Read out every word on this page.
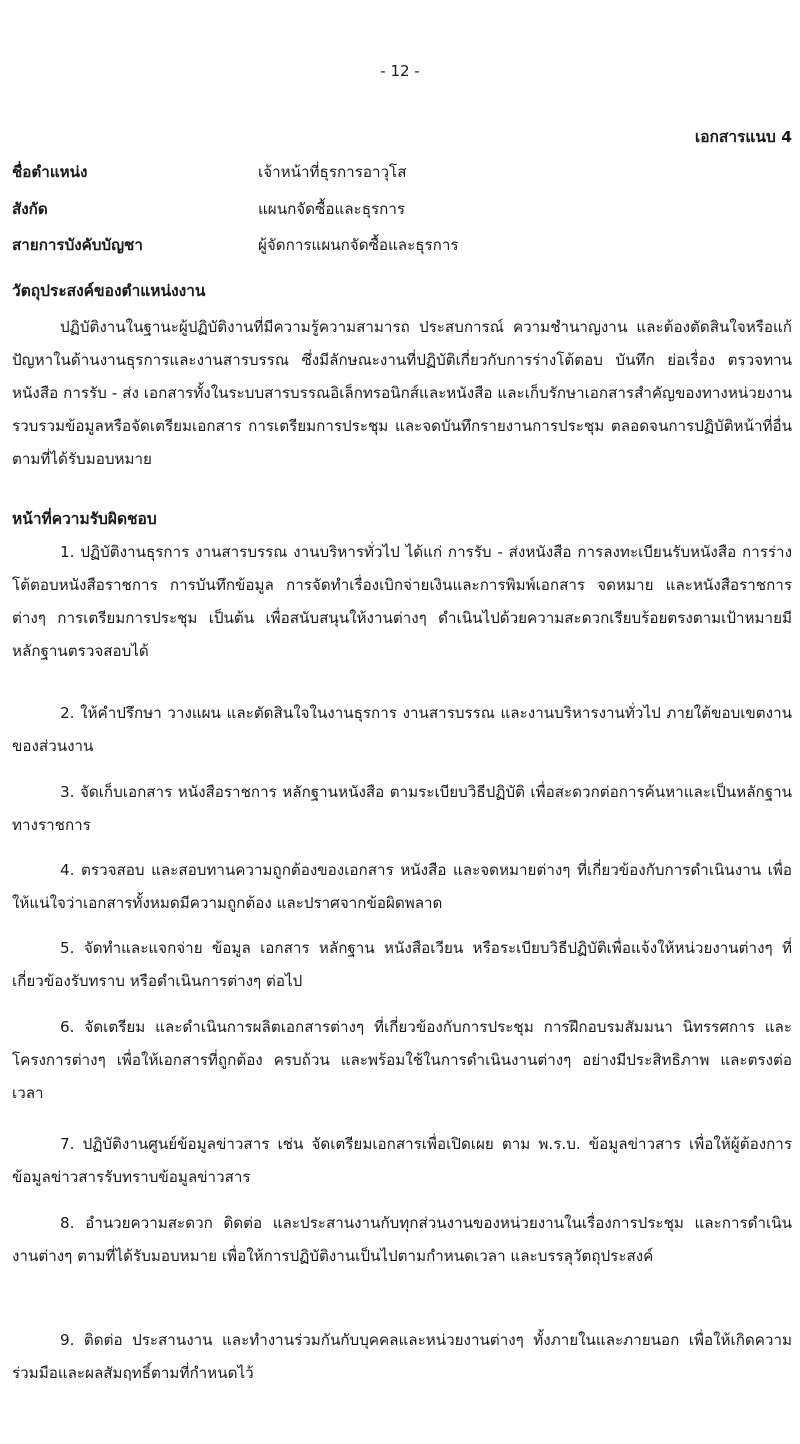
- 12 -
เอกสารแนบ 4
ชื่อตำแหน่ง	เจ้าหน้าที่ธุรการอาวุโส
สังกัด	แผนกจัดซื้อและธุรการ
สายการบังคับบัญชา	ผู้จัดการแผนกจัดซื้อและธุรการ
วัตถุประสงค์ของตำแหน่งงาน

ปฏิบัติงานในฐานะผู้ปฏิบัติงานที่มีความรู้ความสามารถ ประสบการณ์ ความชำนาญงาน และต้องตัดสินใจหรือแก้ปัญหาในด้านงานธุรการและงานสารบรรณ ซึ่งมีลักษณะงานที่ปฏิบัติเกี่ยวกับการร่างโต้ตอบ บันทึก ย่อเรื่อง ตรวจทานหนังสือ การรับ - ส่ง เอกสารทั้งในระบบสารบรรณอิเล็กทรอนิกส์และหนังสือ และเก็บรักษาเอกสารสำคัญของทางหน่วยงาน รวบรวมข้อมูลหรือจัดเตรียมเอกสาร การเตรียมการประชุม และจดบันทึกรายงานการประชุม ตลอดจนการปฏิบัติหน้าที่อื่นตามที่ได้รับมอบหมาย

หน้าที่ความรับผิดชอบ

1. ปฏิบัติงานธุรการ งานสารบรรณ งานบริหารทั่วไป ได้แก่ การรับ - ส่งหนังสือ การลงทะเบียนรับหนังสือ การร่างโต้ตอบหนังสือราชการ การบันทึกข้อมูล การจัดทำเรื่องเบิกจ่ายเงินและการพิมพ์เอกสาร จดหมาย และหนังสือราชการต่างๆ การเตรียมการประชุม เป็นต้น เพื่อสนับสนุนให้งานต่างๆ ดำเนินไปด้วยความสะดวกเรียบร้อยตรงตามเป้าหมายมีหลักฐานตรวจสอบได้

2. ให้คำปรึกษา วางแผน และตัดสินใจในงานธุรการ งานสารบรรณ และงานบริหารงานทั่วไป ภายใต้ขอบเขตงานของส่วนงาน

3. จัดเก็บเอกสาร หนังสือราชการ หลักฐานหนังสือ ตามระเบียบวิธีปฏิบัติ เพื่อสะดวกต่อการค้นหาและเป็นหลักฐานทางราชการ

4. ตรวจสอบ และสอบทานความถูกต้องของเอกสาร หนังสือ และจดหมายต่างๆ ที่เกี่ยวข้องกับการดำเนินงาน เพื่อให้แน่ใจว่าเอกสารทั้งหมดมีความถูกต้อง และปราศจากข้อผิดพลาด

5. จัดทำและแจกจ่าย ข้อมูล เอกสาร หลักฐาน หนังสือเวียน หรือระเบียบวิธีปฏิบัติเพื่อแจ้งให้หน่วยงานต่างๆ ที่เกี่ยวข้องรับทราบ หรือดำเนินการต่างๆ ต่อไป

6. จัดเตรียม และดำเนินการผลิตเอกสารต่างๆ ที่เกี่ยวข้องกับการประชุม การฝึกอบรมสัมมนา นิทรรศการ และโครงการต่างๆ เพื่อให้เอกสารที่ถูกต้อง ครบถ้วน และพร้อมใช้ในการดำเนินงานต่างๆ อย่างมีประสิทธิภาพ และตรงต่อเวลา

7. ปฏิบัติงานศูนย์ข้อมูลข่าวสาร เช่น จัดเตรียมเอกสารเพื่อเปิดเผย ตาม พ.ร.บ. ข้อมูลข่าวสาร เพื่อให้ผู้ต้องการข้อมูลข่าวสารรับทราบข้อมูลข่าวสาร

8. อำนวยความสะดวก ติดต่อ และประสานงานกับทุกส่วนงานของหน่วยงานในเรื่องการประชุม และการดำเนินงานต่างๆ ตามที่ได้รับมอบหมาย เพื่อให้การปฏิบัติงานเป็นไปตามกำหนดเวลา และบรรลุวัตถุประสงค์

9. ติดต่อ ประสานงาน และทำงานร่วมกันกับบุคคลและหน่วยงานต่างๆ ทั้งภายในและภายนอก เพื่อให้เกิดความร่วมมือและผลสัมฤทธิ์ตามที่กำหนดไว้
